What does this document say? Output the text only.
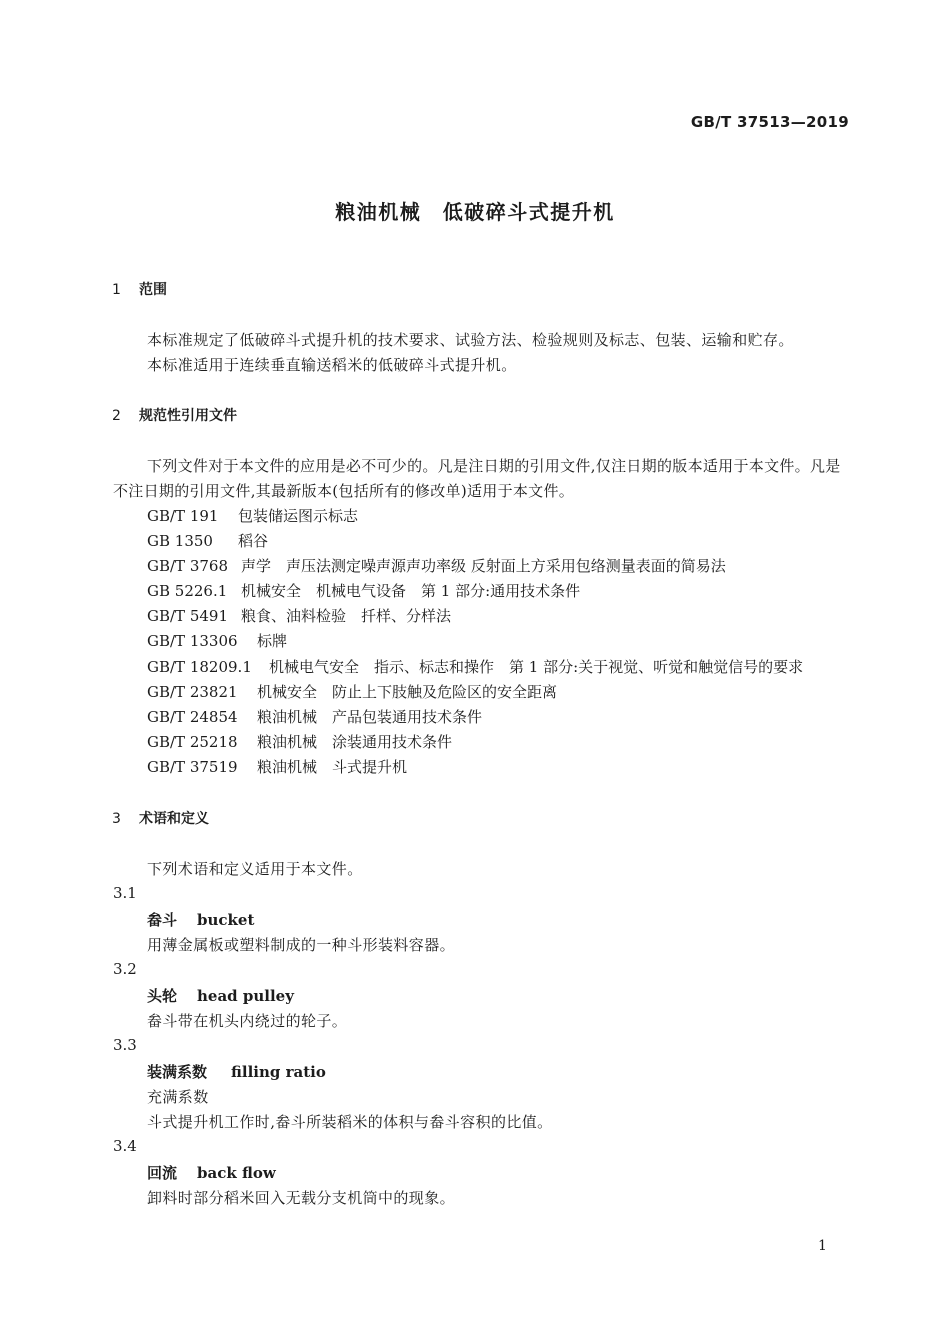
GB/T 37513—2019
粮油机械　低破碎斗式提升机
1 范围
本标准规定了低破碎斗式提升机的技术要求、试验方法、检验规则及标志、包装、运输和贮存。
本标准适用于连续垂直输送稻米的低破碎斗式提升机。
2 规范性引用文件
下列文件对于本文件的应用是必不可少的。凡是注日期的引用文件,仅注日期的版本适用于本文件。凡是不注日期的引用文件,其最新版本(包括所有的修改单)适用于本文件。
GB/T 191 包装储运图示标志
GB 1350 稻谷
GB/T 3768 声学　声压法测定噪声源声功率级 反射面上方采用包络测量表面的简易法
GB 5226.1 机械安全　机械电气设备　第 1 部分:通用技术条件
GB/T 5491 粮食、油料检验　扦样、分样法
GB/T 13306 标牌
GB/T 18209.1 机械电气安全　指示、标志和操作　第 1 部分:关于视觉、听觉和触觉信号的要求
GB/T 23821 机械安全　防止上下肢触及危险区的安全距离
GB/T 24854 粮油机械　产品包装通用技术条件
GB/T 25218 粮油机械　涂装通用技术条件
GB/T 37519 粮油机械　斗式提升机
3 术语和定义
下列术语和定义适用于本文件。
3.1
畚斗 bucket
用薄金属板或塑料制成的一种斗形装料容器。
3.2
头轮 head pulley
畚斗带在机头内绕过的轮子。
3.3
装满系数 filling ratio
充满系数
斗式提升机工作时,畚斗所装稻米的体积与畚斗容积的比值。
3.4
回流 back flow
卸料时部分稻米回入无载分支机筒中的现象。
1
